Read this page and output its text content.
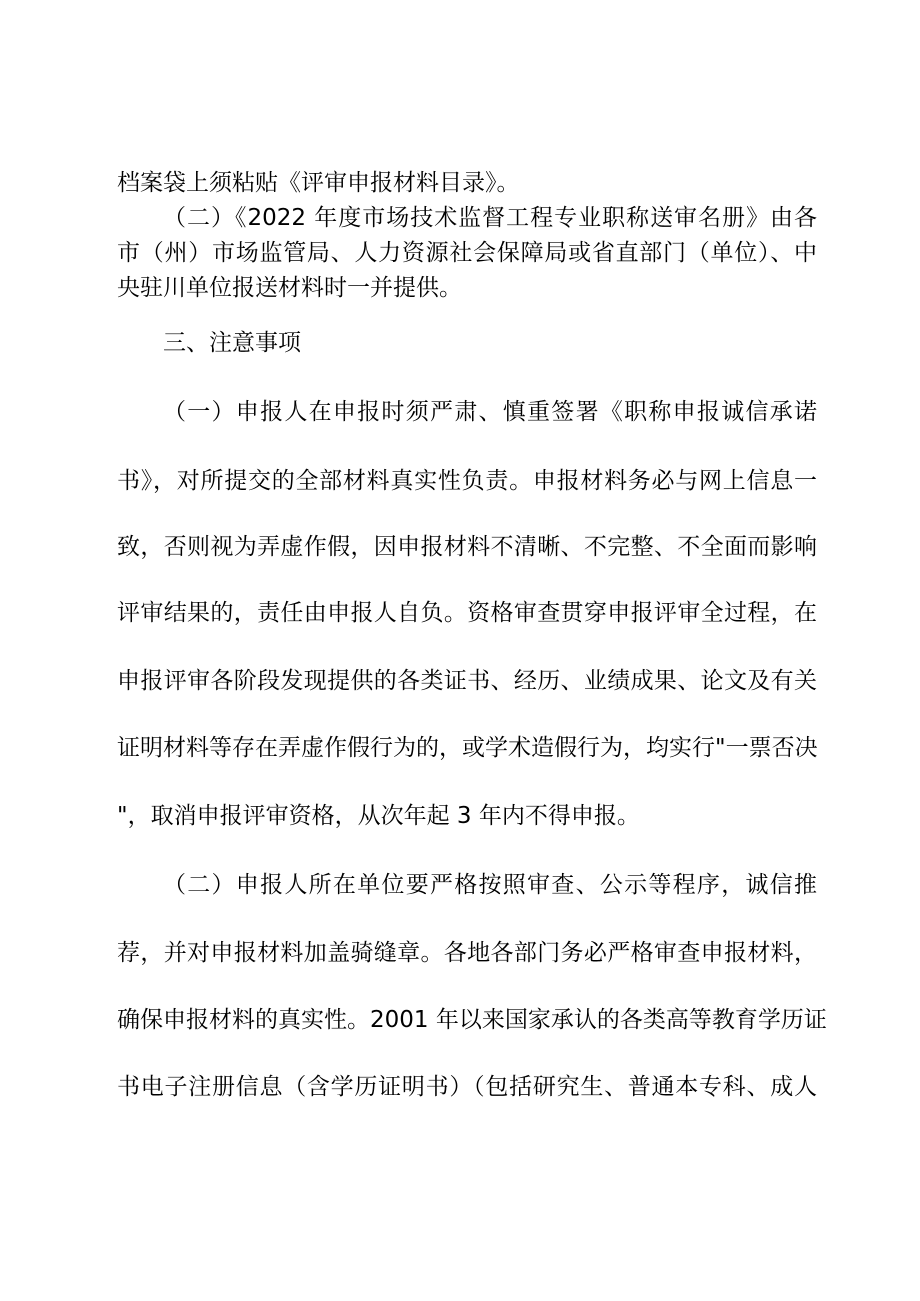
档案袋上须粘贴《评审申报材料目录》。
（二）《2022 年度市场技术监督工程专业职称送审名册》由各
市（州）市场监管局、人力资源社会保障局或省直部门（单位）、中
央驻川单位报送材料时一并提供。
三、注意事项
（一）申报人在申报时须严肃、慎重签署《职称申报诚信承诺
书》，对所提交的全部材料真实性负责。申报材料务必与网上信息一
致，否则视为弄虚作假，因申报材料不清晰、不完整、不全面而影响
评审结果的，责任由申报人自负。资格审查贯穿申报评审全过程，在
申报评审各阶段发现提供的各类证书、经历、业绩成果、论文及有关
证明材料等存在弄虚作假行为的，或学术造假行为，均实行"一票否决
"，取消申报评审资格，从次年起 3 年内不得申报。
（二）申报人所在单位要严格按照审查、公示等程序，诚信推
荐，并对申报材料加盖骑缝章。各地各部门务必严格审查申报材料，
确保申报材料的真实性。2001 年以来国家承认的各类高等教育学历证
书电子注册信息（含学历证明书）（包括研究生、普通本专科、成人
